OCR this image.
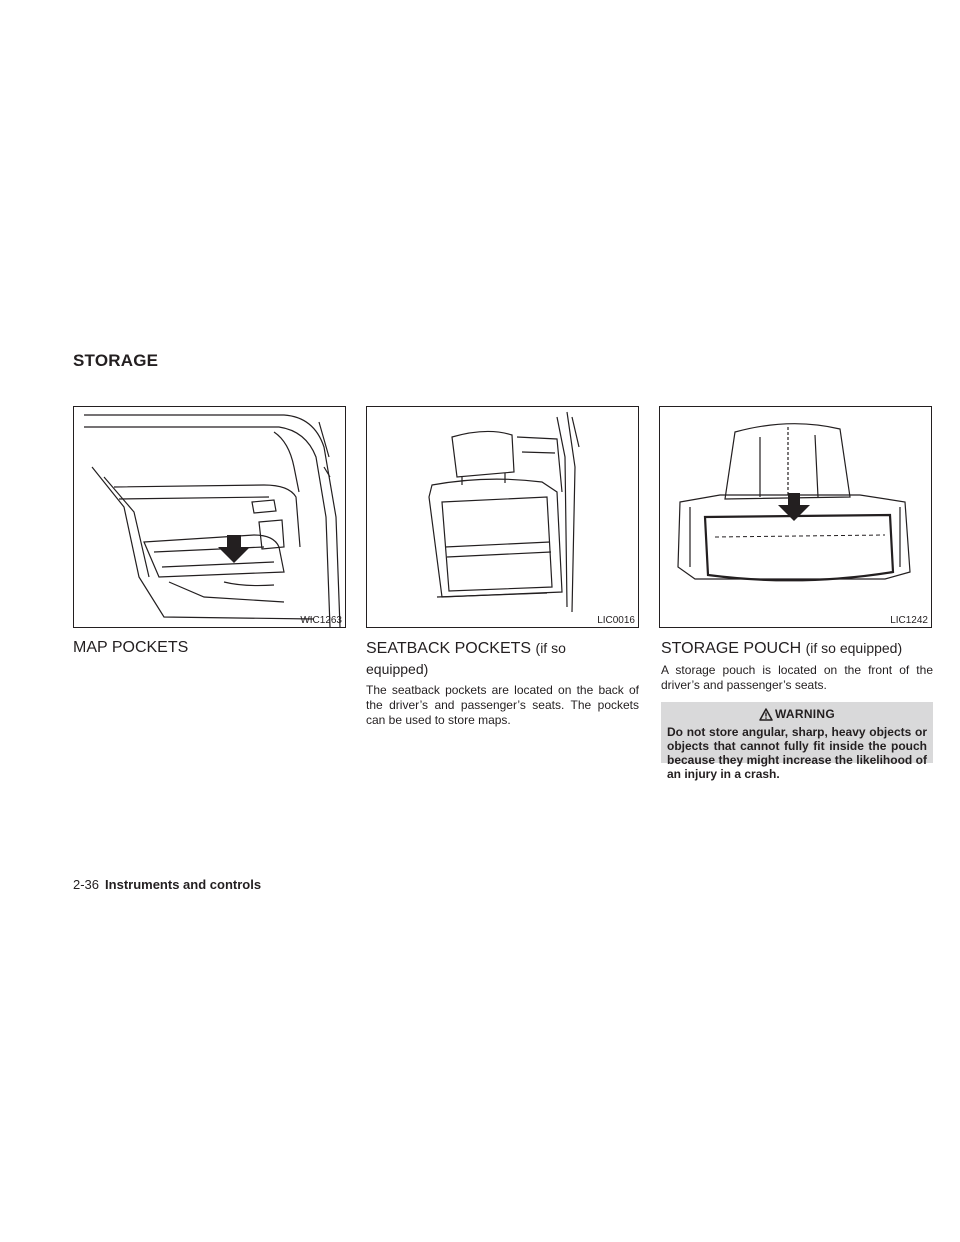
STORAGE
WIC1263	LIC0016	LIC1242
MAP POCKETS	SEATBACK POCKETS (if so equipped)
The seatback pockets are located on the back of the driver’s and passenger’s seats. The pockets can be used to store maps.
STORAGE POUCH (if so equipped)
A storage pouch is located on the front of the driver’s and passenger’s seats.
WARNING
Do not store angular, sharp, heavy objects or objects that cannot fully fit inside the pouch because they might increase the likelihood of an injury in a crash.
2-36 Instruments and controls
